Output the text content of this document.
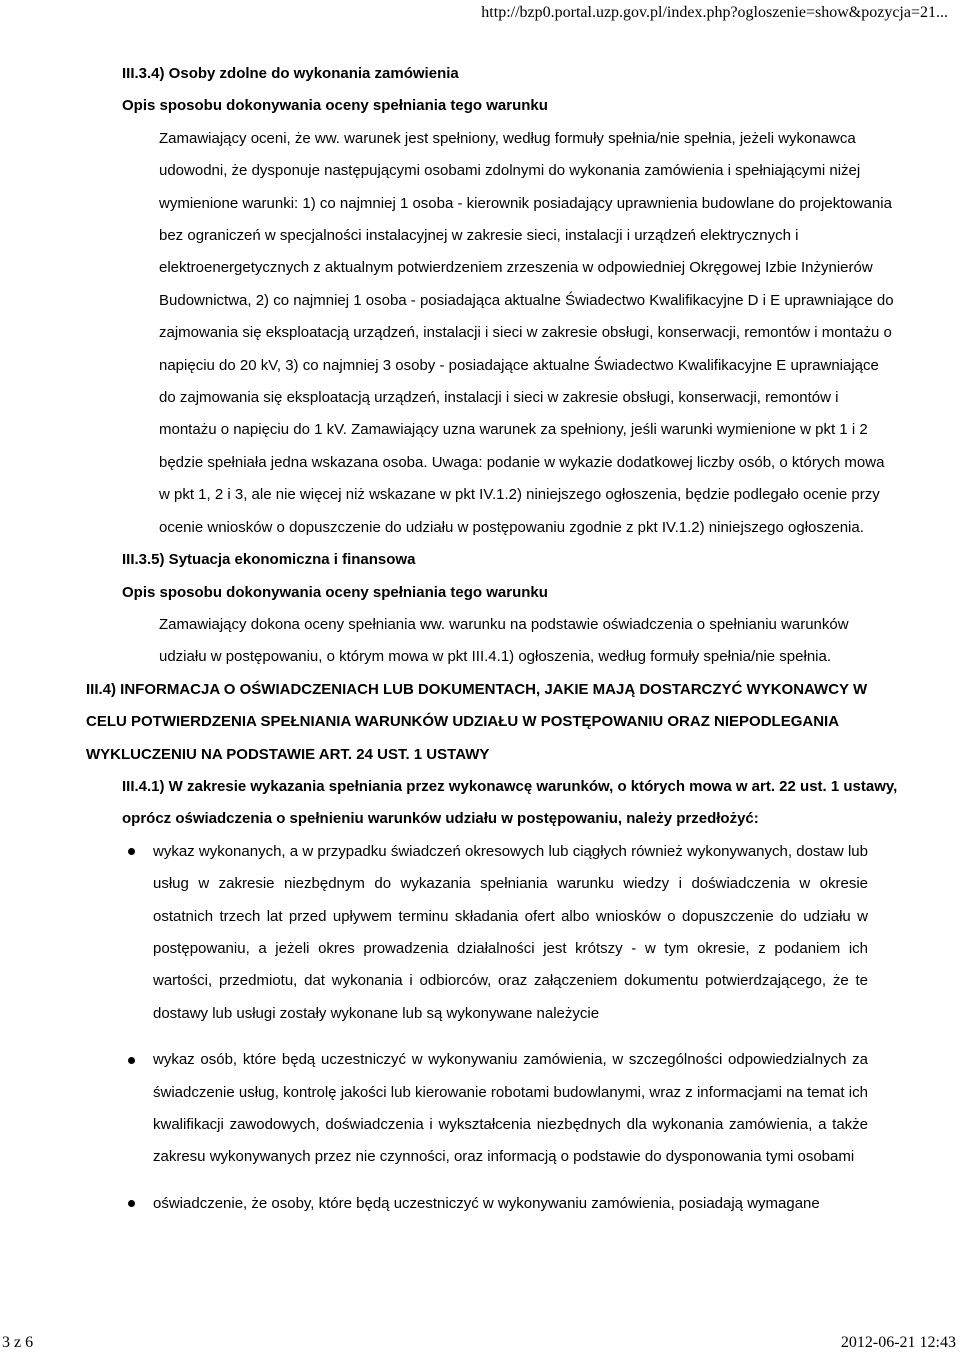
http://bzp0.portal.uzp.gov.pl/index.php?ogloszenie=show&pozycja=21...
III.3.4) Osoby zdolne do wykonania zamówienia
Opis sposobu dokonywania oceny spełniania tego warunku
Zamawiający oceni, że ww. warunek jest spełniony, według formuły spełnia/nie spełnia, jeżeli wykonawca udowodni, że dysponuje następującymi osobami zdolnymi do wykonania zamówienia i spełniającymi niżej wymienione warunki: 1) co najmniej 1 osoba - kierownik posiadający uprawnienia budowlane do projektowania bez ograniczeń w specjalności instalacyjnej w zakresie sieci, instalacji i urządzeń elektrycznych i elektroenergetycznych z aktualnym potwierdzeniem zrzeszenia w odpowiedniej Okręgowej Izbie Inżynierów Budownictwa, 2) co najmniej 1 osoba - posiadająca aktualne Świadectwo Kwalifikacyjne D i E uprawniające do zajmowania się eksploatacją urządzeń, instalacji i sieci w zakresie obsługi, konserwacji, remontów i montażu o napięciu do 20 kV, 3) co najmniej 3 osoby - posiadające aktualne Świadectwo Kwalifikacyjne E uprawniające do zajmowania się eksploatacją urządzeń, instalacji i sieci w zakresie obsługi, konserwacji, remontów i montażu o napięciu do 1 kV. Zamawiający uzna warunek za spełniony, jeśli warunki wymienione w pkt 1 i 2 będzie spełniała jedna wskazana osoba. Uwaga: podanie w wykazie dodatkowej liczby osób, o których mowa w pkt 1, 2 i 3, ale nie więcej niż wskazane w pkt IV.1.2) niniejszego ogłoszenia, będzie podlegało ocenie przy ocenie wniosków o dopuszczenie do udziału w postępowaniu zgodnie z pkt IV.1.2) niniejszego ogłoszenia.
III.3.5) Sytuacja ekonomiczna i finansowa
Opis sposobu dokonywania oceny spełniania tego warunku
Zamawiający dokona oceny spełniania ww. warunku na podstawie oświadczenia o spełnianiu warunków udziału w postępowaniu, o którym mowa w pkt III.4.1) ogłoszenia, według formuły spełnia/nie spełnia.
III.4) INFORMACJA O OŚWIADCZENIACH LUB DOKUMENTACH, JAKIE MAJĄ DOSTARCZYĆ WYKONAWCY W CELU POTWIERDZENIA SPEŁNIANIA WARUNKÓW UDZIAŁU W POSTĘPOWANIU ORAZ NIEPODLEGANIA WYKLUCZENIU NA PODSTAWIE ART. 24 UST. 1 USTAWY
III.4.1) W zakresie wykazania spełniania przez wykonawcę warunków, o których mowa w art. 22 ust. 1 ustawy, oprócz oświadczenia o spełnieniu warunków udziału w postępowaniu, należy przedłożyć:
wykaz wykonanych, a w przypadku świadczeń okresowych lub ciągłych również wykonywanych, dostaw lub usług w zakresie niezbędnym do wykazania spełniania warunku wiedzy i doświadczenia w okresie ostatnich trzech lat przed upływem terminu składania ofert albo wniosków o dopuszczenie do udziału w postępowaniu, a jeżeli okres prowadzenia działalności jest krótszy - w tym okresie, z podaniem ich wartości, przedmiotu, dat wykonania i odbiorców, oraz załączeniem dokumentu potwierdzającego, że te dostawy lub usługi zostały wykonane lub są wykonywane należycie
wykaz osób, które będą uczestniczyć w wykonywaniu zamówienia, w szczególności odpowiedzialnych za świadczenie usług, kontrolę jakości lub kierowanie robotami budowlanymi, wraz z informacjami na temat ich kwalifikacji zawodowych, doświadczenia i wykształcenia niezbędnych dla wykonania zamówienia, a także zakresu wykonywanych przez nie czynności, oraz informacją o podstawie do dysponowania tymi osobami
oświadczenie, że osoby, które będą uczestniczyć w wykonywaniu zamówienia, posiadają wymagane
3 z 6	2012-06-21 12:43
